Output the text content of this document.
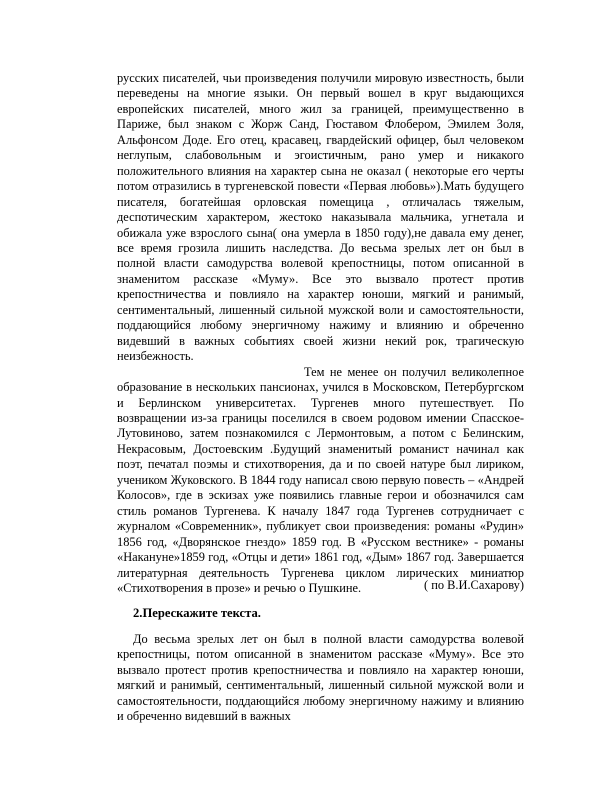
русских писателей, чьи произведения получили мировую известность, были переведены на многие языки. Он первый вошел в круг выдающихся европейских писателей, много жил за границей, преимущественно в Париже, был знаком с Жорж Санд, Гюставом Флобером, Эмилем Золя, Альфонсом Доде. Его отец, красавец, гвардейский офицер, был человеком неглупым, слабовольным и эгоистичным, рано умер и никакого положительного влияния на характер сына не оказал ( некоторые его черты потом отразились в тургеневской повести «Первая любовь»).Мать будущего писателя, богатейшая орловская помещица , отличалась тяжелым, деспотическим характером, жестоко наказывала мальчика, угнетала и обижала уже взрослого сына( она умерла в 1850 году),не давала ему денег, все время грозила лишить наследства. До весьма зрелых лет он был в полной власти самодурства волевой крепостницы, потом описанной в знаменитом рассказе «Муму». Все это вызвало протест против крепостничества и повлияло на характер юноши, мягкий и ранимый, сентиментальный, лишенный сильной мужской воли и самостоятельности, поддающийся любому энергичному нажиму и влиянию и обреченно видевший в важных событиях своей жизни некий рок, трагическую неизбежность.
Тем не менее он получил великолепное образование в нескольких пансионах, учился в Московском, Петербургском и Берлинском университетах. Тургенев много путешествует. По возвращении из-за границы поселился в своем родовом имении Спасское-Лутовиново, затем познакомился с Лермонтовым, а потом с Белинским, Некрасовым, Достоевским .Будущий знаменитый романист начинал как поэт, печатал поэмы и стихотворения, да и по своей натуре был лириком, учеником Жуковского. В 1844 году написал свою первую повесть – «Андрей Колосов», где в эскизах уже появились главные герои и обозначился сам стиль романов Тургенева. К началу 1847 года Тургенев сотрудничает с журналом «Современник», публикует свои произведения: романы «Рудин» 1856 год, «Дворянское гнездо» 1859 год. В «Русском вестнике» - романы «Накануне»1859 год, «Отцы и дети» 1861 год, «Дым» 1867 год. Завершается литературная деятельность Тургенева циклом лирических миниатюр «Стихотворения в прозе» и речью о Пушкине.	( по В.И.Сахарову)

2.Перескажите текста.

До весьма зрелых лет он был в полной власти самодурства волевой крепостницы, потом описанной в знаменитом рассказе «Муму». Все это вызвало протест против крепостничества и повлияло на характер юноши, мягкий и ранимый, сентиментальный, лишенный сильной мужской воли и самостоятельности, поддающийся любому энергичному нажиму и влиянию и обреченно видевший в важных
